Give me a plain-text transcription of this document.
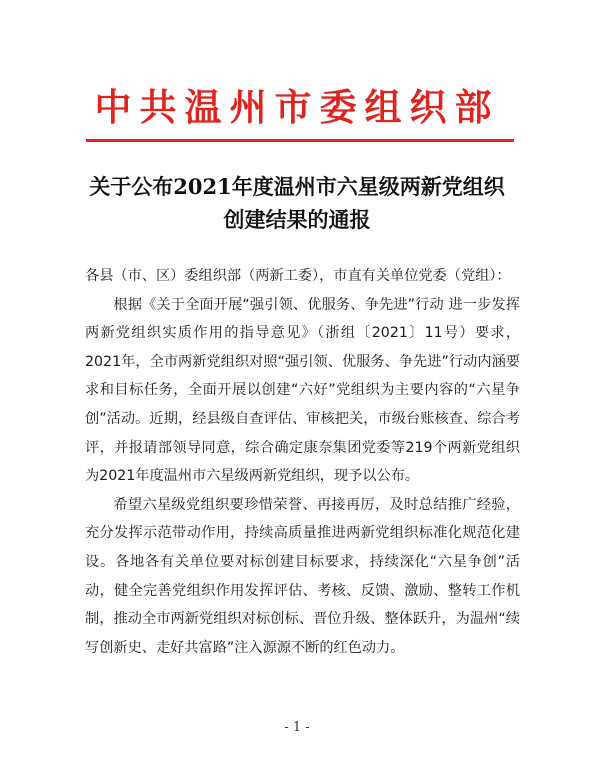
中共温州市委组织部
关于公布2021年度温州市六星级两新党组织
创建结果的通报

各县（市、区）委组织部（两新工委），市直有关单位党委（党组）：

根据《关于全面开展“强引领、优服务、争先进”行动 进一步发挥两新党组织实质作用的指导意见》（浙组〔2021〕11号）要求，2021年，全市两新党组织对照“强引领、优服务、争先进”行动内涵要求和目标任务，全面开展以创建“六好”党组织为主要内容的“六星争创”活动。近期，经县级自查评估、审核把关，市级台账核查、综合考评，并报请部领导同意，综合确定康奈集团党委等219个两新党组织为2021年度温州市六星级两新党组织，现予以公布。

希望六星级党组织要珍惜荣誉、再接再厉，及时总结推广经验，充分发挥示范带动作用，持续高质量推进两新党组织标准化规范化建设。各地各有关单位要对标创建目标要求，持续深化“六星争创”活动，健全完善党组织作用发挥评估、考核、反馈、激励、整转工作机制，推动全市两新党组织对标创标、晋位升级、整体跃升，为温州“续写创新史、走好共富路”注入源源不断的红色动力。

- 1 -
